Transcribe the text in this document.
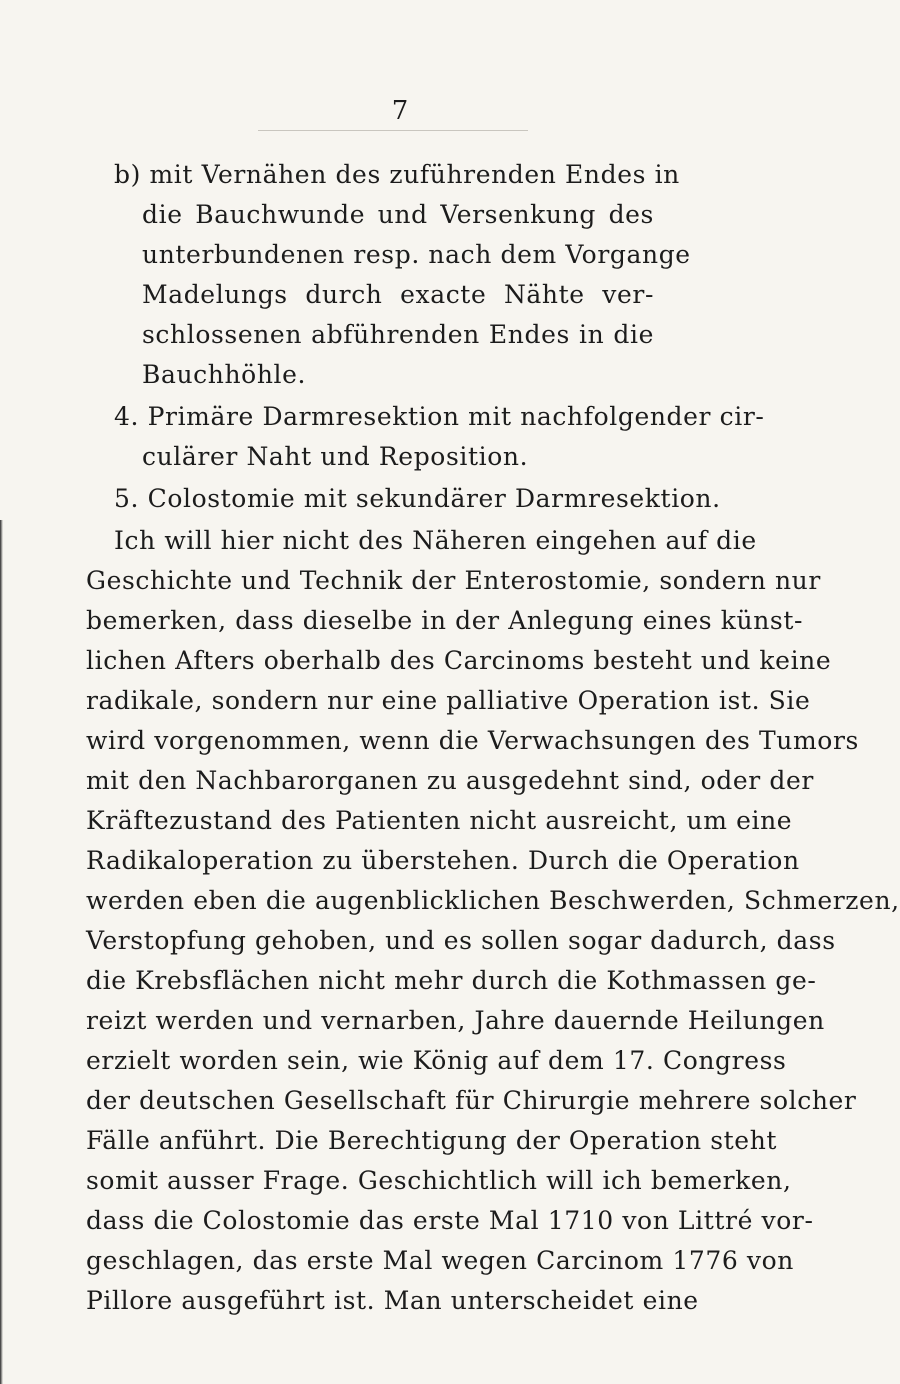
7
b) mit Vernähen des zuführenden Endes in
die Bauchwunde und Versenkung des
unterbundenen resp. nach dem Vorgange
Madelungs durch exacte Nähte ver-
schlossenen abführenden Endes in die
Bauchhöhle.
4. Primäre Darmresektion mit nachfolgender cir-
culärer Naht und Reposition.
5. Colostomie mit sekundärer Darmresektion.
Ich will hier nicht des Näheren eingehen auf die
Geschichte und Technik der Enterostomie, sondern nur
bemerken, dass dieselbe in der Anlegung eines künst-
lichen Afters oberhalb des Carcinoms besteht und keine
radikale, sondern nur eine palliative Operation ist. Sie
wird vorgenommen, wenn die Verwachsungen des Tumors
mit den Nachbarorganen zu ausgedehnt sind, oder der
Kräftezustand des Patienten nicht ausreicht, um eine
Radikaloperation zu überstehen. Durch die Operation
werden eben die augenblicklichen Beschwerden, Schmerzen,
Verstopfung gehoben, und es sollen sogar dadurch, dass
die Krebsflächen nicht mehr durch die Kothmassen ge-
reizt werden und vernarben, Jahre dauernde Heilungen
erzielt worden sein, wie König auf dem 17. Congress
der deutschen Gesellschaft für Chirurgie mehrere solcher
Fälle anführt. Die Berechtigung der Operation steht
somit ausser Frage. Geschichtlich will ich bemerken,
dass die Colostomie das erste Mal 1710 von Littré vor-
geschlagen, das erste Mal wegen Carcinom 1776 von
Pillore ausgeführt ist. Man unterscheidet eine
